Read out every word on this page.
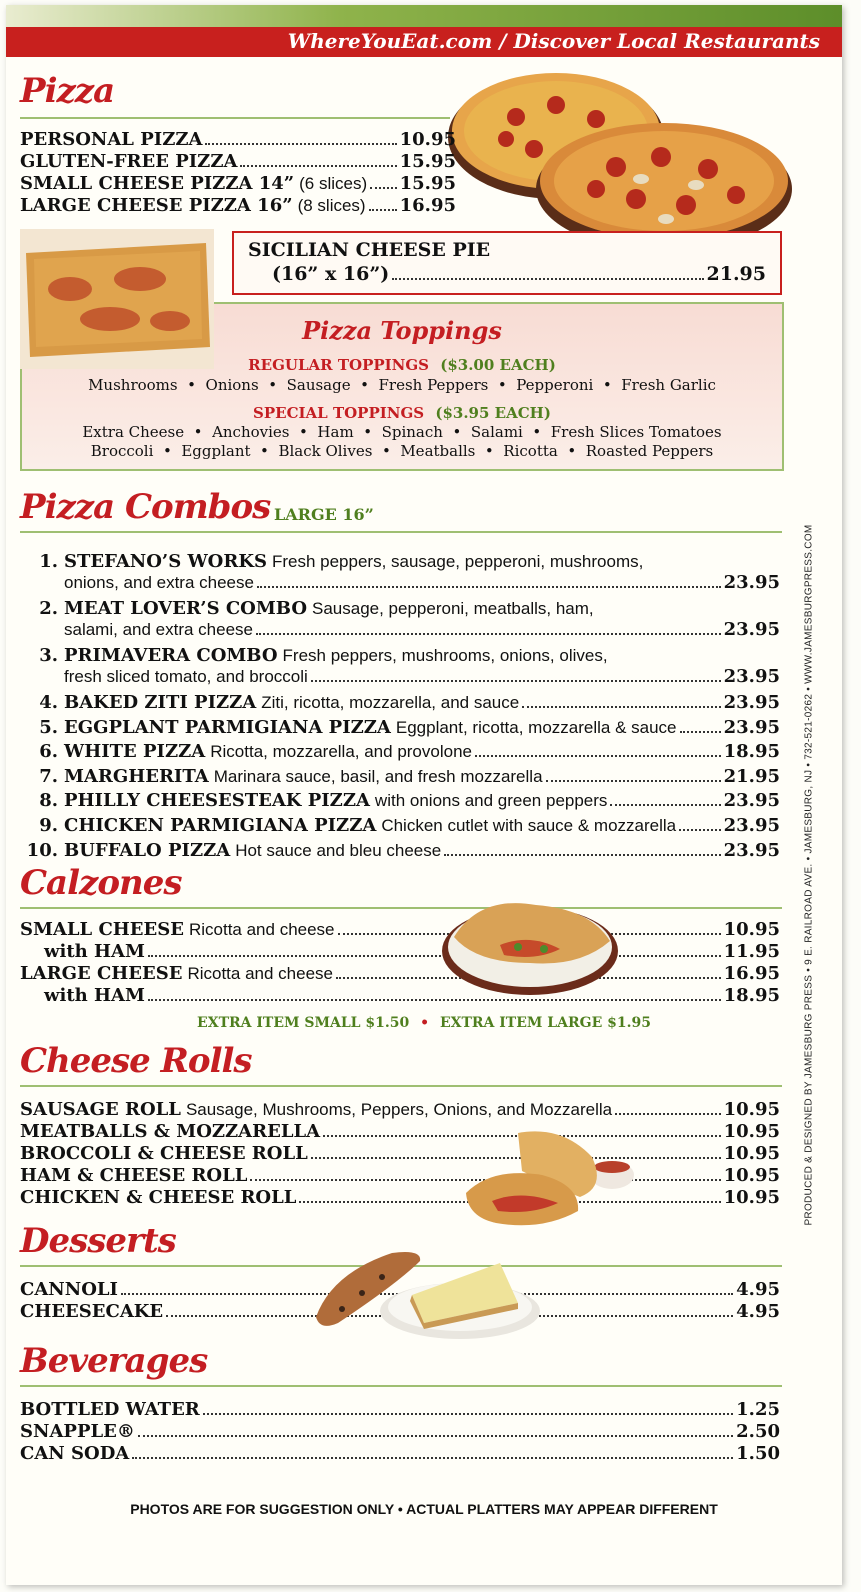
WhereYouEat.com / Discover Local Restaurants
Pizza
PERSONAL PIZZA	10.95
GLUTEN-FREE PIZZA	15.95
SMALL CHEESE PIZZA 14” (6 slices) 15.95
LARGE CHEESE PIZZA 16” (8 slices) 16.95
Pizza Toppings
REGULAR TOPPINGS ($3.00 EACH)
Mushrooms  •  Onions  •  Sausage  •  Fresh Peppers  •  Pepperoni  •  Fresh Garlic
SPECIAL TOPPINGS ($3.95 EACH)
Extra Cheese  •  Anchovies  •  Ham  •  Spinach  •  Salami  •  Fresh Slices Tomatoes
Broccoli  •  Eggplant  •  Black Olives  •  Meatballs  •  Ricotta  •  Roasted Peppers
SICILIAN CHEESE PIE
(16” x 16”)	21.95
Pizza Combos LARGE 16”
1. STEFANO’S WORKS Fresh peppers, sausage, pepperoni, mushrooms,
onions, and extra cheese	23.95
2. MEAT LOVER’S COMBO Sausage, pepperoni, meatballs, ham,
salami, and extra cheese	23.95
3. PRIMAVERA COMBO Fresh peppers, mushrooms, onions, olives,
fresh sliced tomato, and broccoli	23.95
4. BAKED ZITI PIZZA Ziti, ricotta, mozzarella, and sauce	23.95
5. EGGPLANT PARMIGIANA PIZZA Eggplant, ricotta, mozzarella & sauce	23.95
6. WHITE PIZZA Ricotta, mozzarella, and provolone	18.95
7. MARGHERITA Marinara sauce, basil, and fresh mozzarella	21.95
8. PHILLY CHEESESTEAK PIZZA with onions and green peppers	23.95
9. CHICKEN PARMIGIANA PIZZA Chicken cutlet with sauce & mozzarella	23.95
10. BUFFALO PIZZA Hot sauce and bleu cheese	23.95
Calzones
SMALL CHEESE Ricotta and cheese	10.95
with HAM	11.95
LARGE CHEESE Ricotta and cheese	16.95
with HAM	18.95
EXTRA ITEM SMALL $1.50 • EXTRA ITEM LARGE $1.95
Cheese Rolls
SAUSAGE ROLL Sausage, Mushrooms, Peppers, Onions, and Mozzarella	10.95
MEATBALLS & MOZZARELLA	10.95
BROCCOLI & CHEESE ROLL	10.95
HAM & CHEESE ROLL	10.95
CHICKEN & CHEESE ROLL	10.95
Desserts
CANNOLI	4.95
CHEESECAKE	4.95
Beverages
BOTTLED WATER	1.25
SNAPPLE®	2.50
CAN SODA	1.50
PHOTOS ARE FOR SUGGESTION ONLY • ACTUAL PLATTERS MAY APPEAR DIFFERENT
PRODUCED & DESIGNED BY JAMESBURG PRESS • 9 E. RAILROAD AVE. • JAMESBURG, NJ • 732-521-0262 • WWW.JAMESBURGPRESS.COM
